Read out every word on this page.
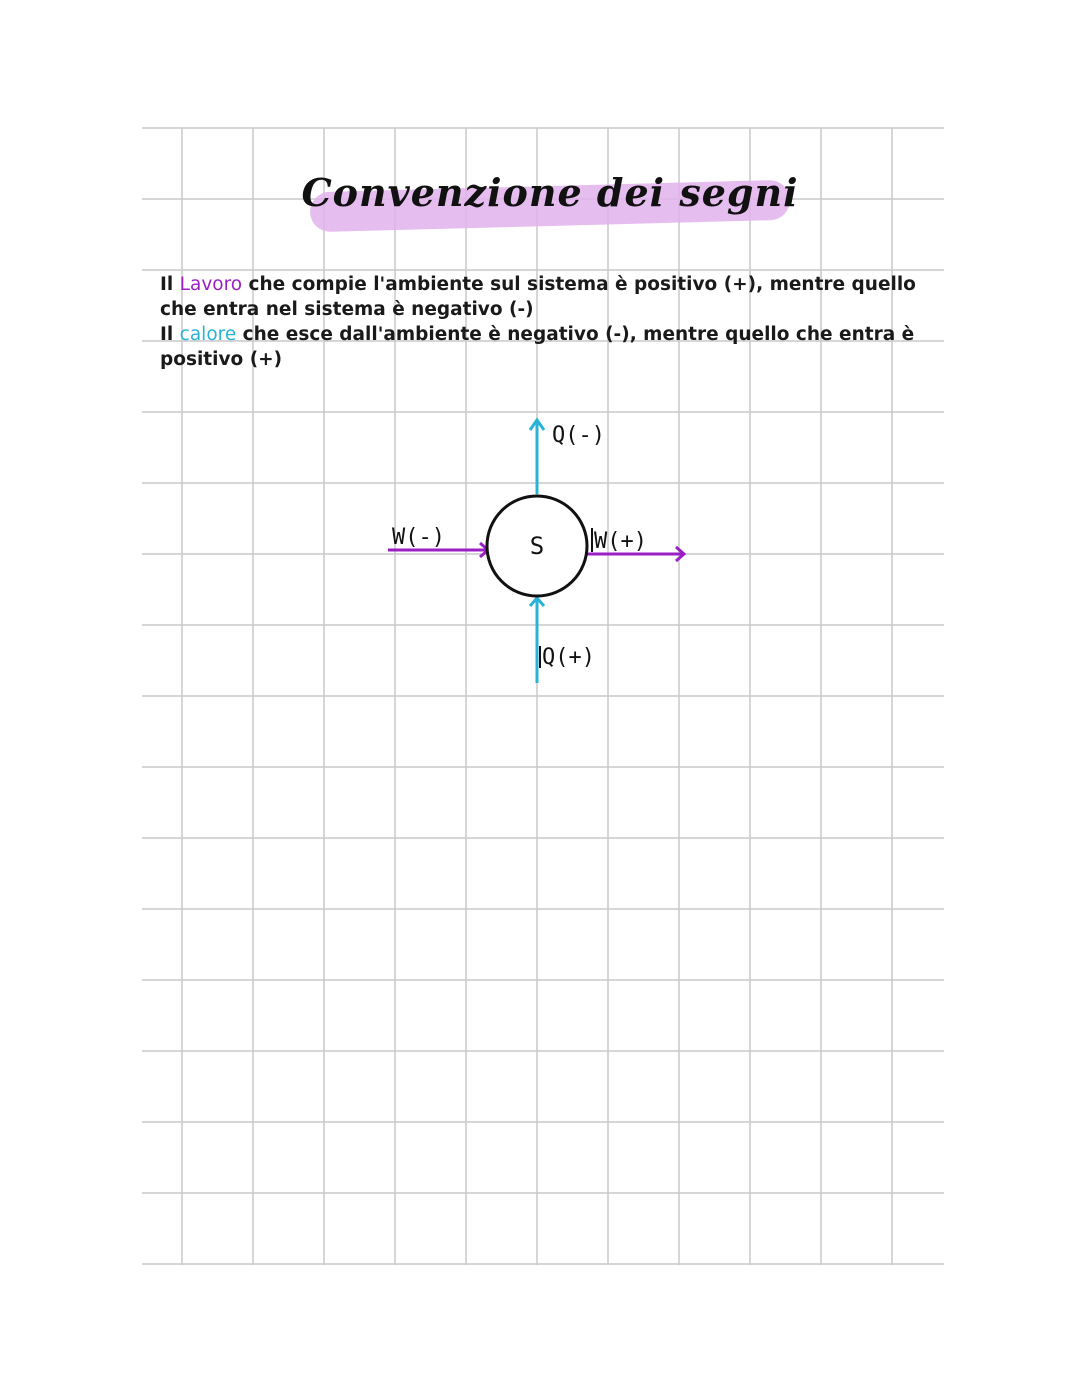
Convenzione dei segni
Il Lavoro che compie l'ambiente sul sistema è positivo (+), mentre quello che entra nel sistema è negativo (-)
Il calore che esce dall'ambiente è negativo (-), mentre quello che entra è positivo (+)
S
Q(-)
Q(+)
W(-)	W(+)
